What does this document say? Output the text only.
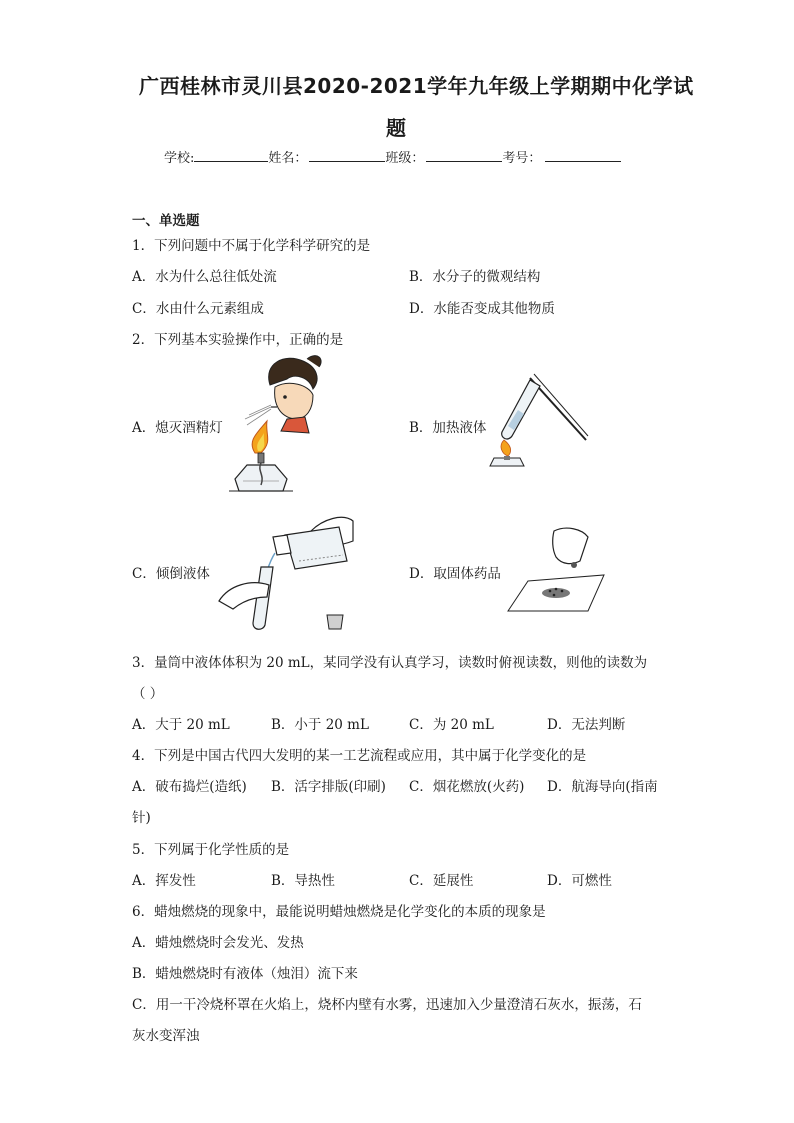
广西桂林市灵川县2020-2021学年九年级上学期期中化学试
题
学校:	姓名：	班级：	考号：
一、单选题
1．下列问题中不属于化学科学研究的是
A．水为什么总往低处流	B．水分子的微观结构
C．水由什么元素组成	D．水能否变成其他物质
2．下列基本实验操作中，正确的是
A．熄灭酒精灯	B．加热液体
C．倾倒液体	D．取固体药品
3．量筒中液体体积为 20 mL，某同学没有认真学习，读数时俯视读数，则他的读数为
（ ）
A．大于 20 mL	B．小于 20 mL	C．为 20 mL	D．无法判断
4．下列是中国古代四大发明的某一工艺流程或应用，其中属于化学变化的是
A．破布捣烂(造纸) B．活字排版(印刷) C．烟花燃放(火药) D．航海导向(指南
针)
5．下列属于化学性质的是
A．挥发性	B．导热性	C．延展性	D．可燃性
6．蜡烛燃烧的现象中，最能说明蜡烛燃烧是化学变化的本质的现象是
A．蜡烛燃烧时会发光、发热
B．蜡烛燃烧时有液体（烛泪）流下来
C．用一干冷烧杯罩在火焰上，烧杯内壁有水雾，迅速加入少量澄清石灰水，振荡，石
灰水变浑浊
